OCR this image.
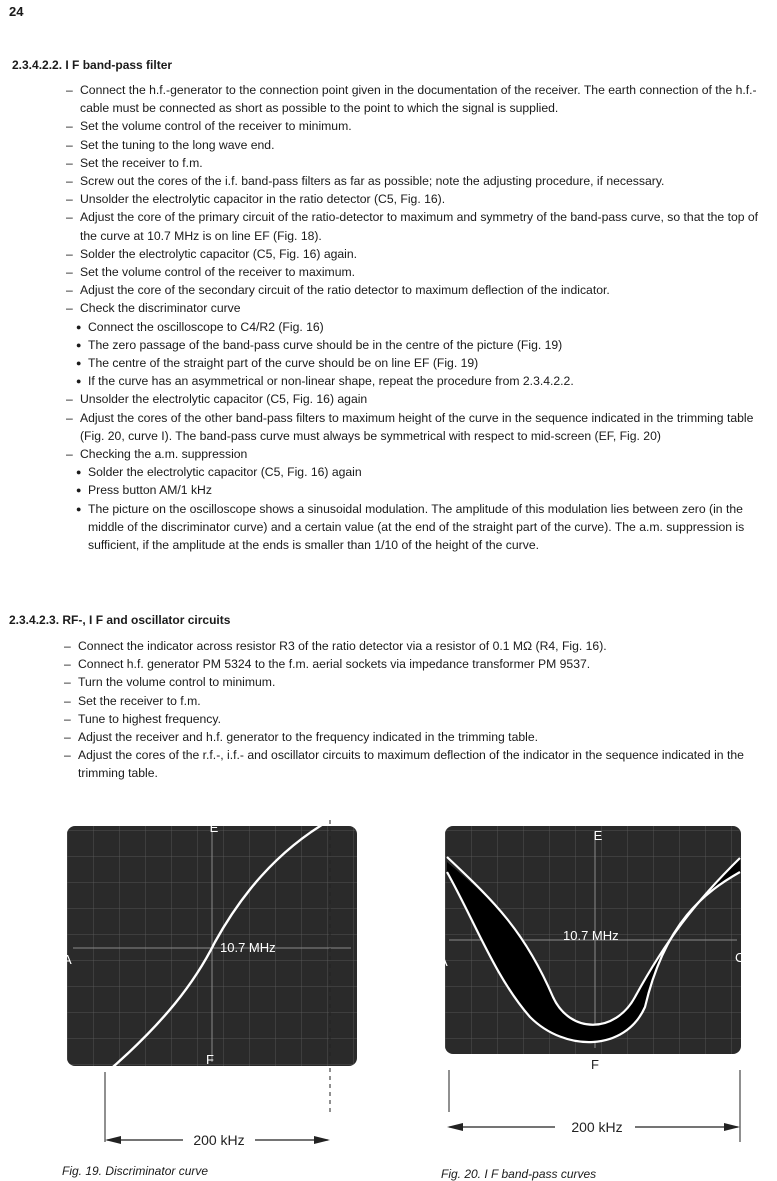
24
2.3.4.2.2. I F band-pass filter
– Connect the h.f.-generator to the connection point given in the documentation of the receiver. The earth connection of the h.f.-cable must be connected as short as possible to the point to which the signal is supplied.
– Set the volume control of the receiver to minimum.
– Set the tuning to the long wave end.
– Set the receiver to f.m.
– Screw out the cores of the i.f. band-pass filters as far as possible; note the adjusting procedure, if necessary.
– Unsolder the electrolytic capacitor in the ratio detector (C5, Fig. 16).
– Adjust the core of the primary circuit of the ratio-detector to maximum and symmetry of the band-pass curve, so that the top of the curve at 10.7 MHz is on line EF (Fig. 18).
– Solder the electrolytic capacitor (C5, Fig. 16) again.
– Set the volume control of the receiver to maximum.
– Adjust the core of the secondary circuit of the ratio detector to maximum deflection of the indicator.
– Check the discriminator curve
● Connect the oscilloscope to C4/R2 (Fig. 16)
● The zero passage of the band-pass curve should be in the centre of the picture (Fig. 19)
● The centre of the straight part of the curve should be on line EF (Fig. 19)
● If the curve has an asymmetrical or non-linear shape, repeat the procedure from 2.3.4.2.2.
– Unsolder the electrolytic capacitor (C5, Fig. 16) again
– Adjust the cores of the other band-pass filters to maximum height of the curve in the sequence indicated in the trimming table (Fig. 20, curve I). The band-pass curve must always be symmetrical with respect to mid-screen (EF, Fig. 20)
– Checking the a.m. suppression
● Solder the electrolytic capacitor (C5, Fig. 16) again
● Press button AM/1 kHz
● The picture on the oscilloscope shows a sinusoidal modulation. The amplitude of this modulation lies between zero (in the middle of the discriminator curve) and a certain value (at the end of the straight part of the curve). The a.m. suppression is sufficient, if the amplitude at the ends is smaller than 1/10 of the height of the curve.
2.3.4.2.3. RF-, I F and oscillator circuits
– Connect the indicator across resistor R3 of the ratio detector via a resistor of 0.1 MΩ (R4, Fig. 16).
– Connect h.f. generator PM 5324 to the f.m. aerial sockets via impedance transformer PM 9537.
– Turn the volume control to minimum.
– Set the receiver to f.m.
– Tune to highest frequency.
– Adjust the receiver and h.f. generator to the frequency indicated in the trimming table.
– Adjust the cores of the r.f.-, i.f.- and oscillator circuits to maximum deflection of the indicator in the sequence indicated in the trimming table.
E
F
A	C
10.7 MHz
200 kHz
Fig. 19. Discriminator curve
E
F
A	C
10.7 MHz
200 kHz
Fig. 20. I F band-pass curves
